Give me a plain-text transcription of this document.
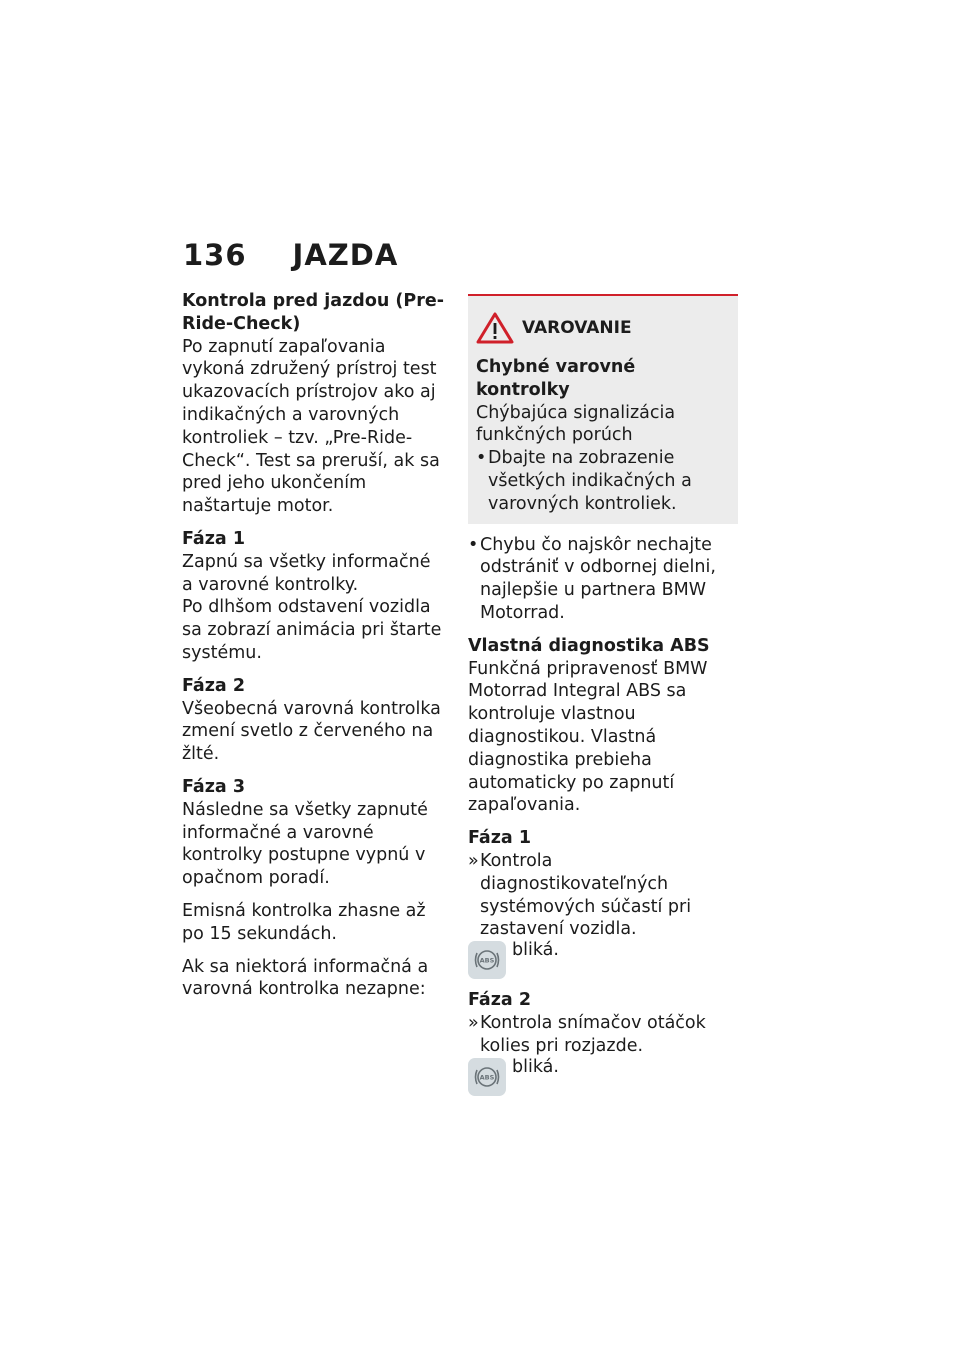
136 JAZDA

Kontrola pred jazdou (Pre-Ride-Check)

Po zapnutí zapaľovania vykoná združený prístroj test ukazovacích prístrojov ako aj indikačných a varovných kontroliek – tzv. „Pre-Ride-Check“. Test sa preruší, ak sa pred jeho ukončením naštartuje motor.

Fáza 1

Zapnú sa všetky informačné
a varovné kontrolky.
Po dlhšom odstavení vozidla
sa zobrazí animácia pri štarte
systému.

Fáza 2

Všeobecná varovná kontrolka zmení svetlo z červeného na žlté.

Fáza 3

Následne sa všetky zapnuté informačné a varovné kontrolky postupne vypnú v opačnom poradí.

Emisná kontrolka zhasne až po 15 sekundách.

Ak sa niektorá informačná a varovná kontrolka nezapne:

VAROVANIE

Chybné varovné kontrolky

Chýbajúca signalizácia funkčných porúch

• Dbajte na zobrazenie všetkých indikačných a varovných kontroliek.
• Chybu čo najskôr nechajte odstrániť v odbornej dielni, najlepšie u partnera BMW Motorrad.

Vlastná diagnostika ABS

Funkčná pripravenosť BMW Motorrad Integral ABS sa kontroluje vlastnou diagnostikou. Vlastná diagnostika prebieha automaticky po zapnutí zapaľovania.

Fáza 1

» Kontrola diagnostikovateľných systémových súčastí pri zastavení vozidla.
ABS
bliká.

Fáza 2

» Kontrola snímačov otáčok kolies pri rozjazde.
ABS
bliká.
